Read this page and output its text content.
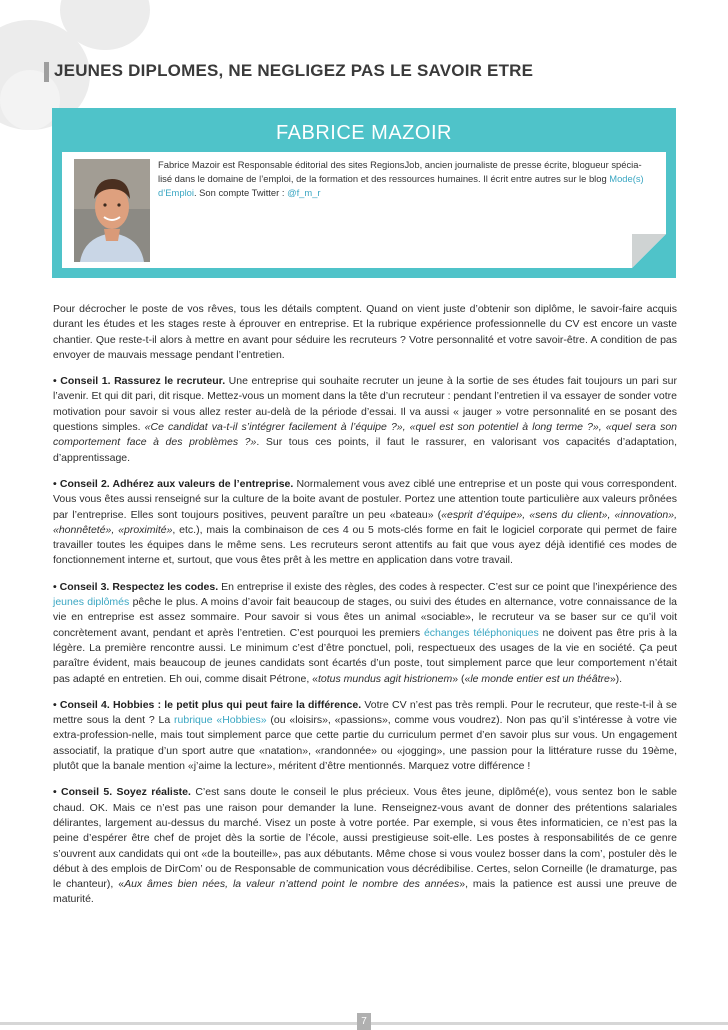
JEUNES DIPLOMES, NE NEGLIGEZ PAS LE SAVOIR ETRE
FABRICE MAZOIR
Fabrice Mazoir est Responsable éditorial des sites RegionsJob, ancien journaliste de presse écrite, blogueur spécia-lisé dans le domaine de l’emploi, de la formation et des ressources humaines. Il écrit entre autres sur le blog Mode(s) d’Emploi. Son compte Twitter : @f_m_r

Pour décrocher le poste de vos rêves, tous les détails comptent. Quand on vient juste d’obtenir son diplôme, le savoir-faire acquis durant les études et les stages reste à éprouver en entreprise. Et la rubrique expérience professionnelle du CV est encore un vaste chantier. Que reste-t-il alors à mettre en avant pour séduire les recruteurs ? Votre personnalité et votre savoir-être. A condition de pas envoyer de mauvais message pendant l’entretien.

• Conseil 1. Rassurez le recruteur. Une entreprise qui souhaite recruter un jeune à la sortie de ses études fait toujours un pari sur l’avenir. Et qui dit pari, dit risque. Mettez-vous un moment dans la tête d’un recruteur : pendant l’entretien il va essayer de sonder votre motivation pour savoir si vous allez rester au-delà de la période d’essai. Il va aussi « jauger » votre personnalité en se posant des questions simples. «Ce candidat va-t-il s’intégrer facilement à l’équipe ?», «quel est son potentiel à long terme ?», «quel sera son comportement face à des problèmes ?». Sur tous ces points, il faut le rassurer, en valorisant vos capacités d’adaptation, d’apprentissage.

• Conseil 2. Adhérez aux valeurs de l’entreprise. Normalement vous avez ciblé une entreprise et un poste qui vous correspondent. Vous vous êtes aussi renseigné sur la culture de la boite avant de postuler. Portez une attention toute particulière aux valeurs prônées par l’entreprise. Elles sont toujours positives, peuvent paraître un peu «bateau» («esprit d’équipe», «sens du client», «innovation», «honnêteté», «proximité», etc.), mais la combinaison de ces 4 ou 5 mots-clés forme en fait le logiciel corporate qui permet de faire travailler toutes les équipes dans le même sens. Les recruteurs seront attentifs au fait que vous ayez déjà identifié ces modes de fonctionnement interne et, surtout, que vous êtes prêt à les mettre en application dans votre travail.

• Conseil 3. Respectez les codes. En entreprise il existe des règles, des codes à respecter. C’est sur ce point que l’inexpérience des jeunes diplômés pêche le plus. A moins d’avoir fait beaucoup de stages, ou suivi des études en alternance, votre connaissance de la vie en entreprise est assez sommaire. Pour savoir si vous êtes un animal «sociable», le recruteur va se baser sur ce qu’il voit concrètement avant, pendant et après l’entretien. C’est pourquoi les premiers échanges téléphoniques ne doivent pas être pris à la légère. La première rencontre aussi. Le minimum c’est d’être ponctuel, poli, respectueux des usages de la vie en société. Ça peut paraître évident, mais beaucoup de jeunes candidats sont écartés d’un poste, tout simplement parce que leur comportement n’était pas adapté en entretien. Eh oui, comme disait Pétrone, «totus mundus agit histrionem» («le monde entier est un théâtre»).

• Conseil 4. Hobbies : le petit plus qui peut faire la différence. Votre CV n’est pas très rempli. Pour le recruteur, que reste-t-il à se mettre sous la dent ? La rubrique «Hobbies» (ou «loisirs», «passions», comme vous voudrez). Non pas qu’il s’intéresse à votre vie extra-profession-nelle, mais tout simplement parce que cette partie du curriculum permet d’en savoir plus sur vous. Un engagement associatif, la pratique d’un sport autre que «natation», «randonnée» ou «jogging», une passion pour la littérature russe du 19ème, plutôt que la banale mention «j’aime la lecture», méritent d’être mentionnés. Marquez votre différence !

• Conseil 5. Soyez réaliste. C’est sans doute le conseil le plus précieux. Vous êtes jeune, diplômé(e), vous sentez bon le sable chaud. OK. Mais ce n’est pas une raison pour demander la lune. Renseignez-vous avant de donner des prétentions salariales délirantes, largement au-dessus du marché. Visez un poste à votre portée. Par exemple, si vous êtes informaticien, ce n’est pas la peine d’espérer être chef de projet dès la sortie de l’école, aussi prestigieuse soit-elle. Les postes à responsabilités de ce genre s’ouvrent aux candidats qui ont «de la bouteille», pas aux débutants. Même chose si vous voulez bosser dans la com’, postuler dès le début à des emplois de DirCom’ ou de Responsable de communication vous décrédibilise. Certes, selon Corneille (le dramaturge, pas le chanteur), «Aux âmes bien nées, la valeur n’attend point le nombre des années», mais la patience est aussi une preuve de maturité.

7
